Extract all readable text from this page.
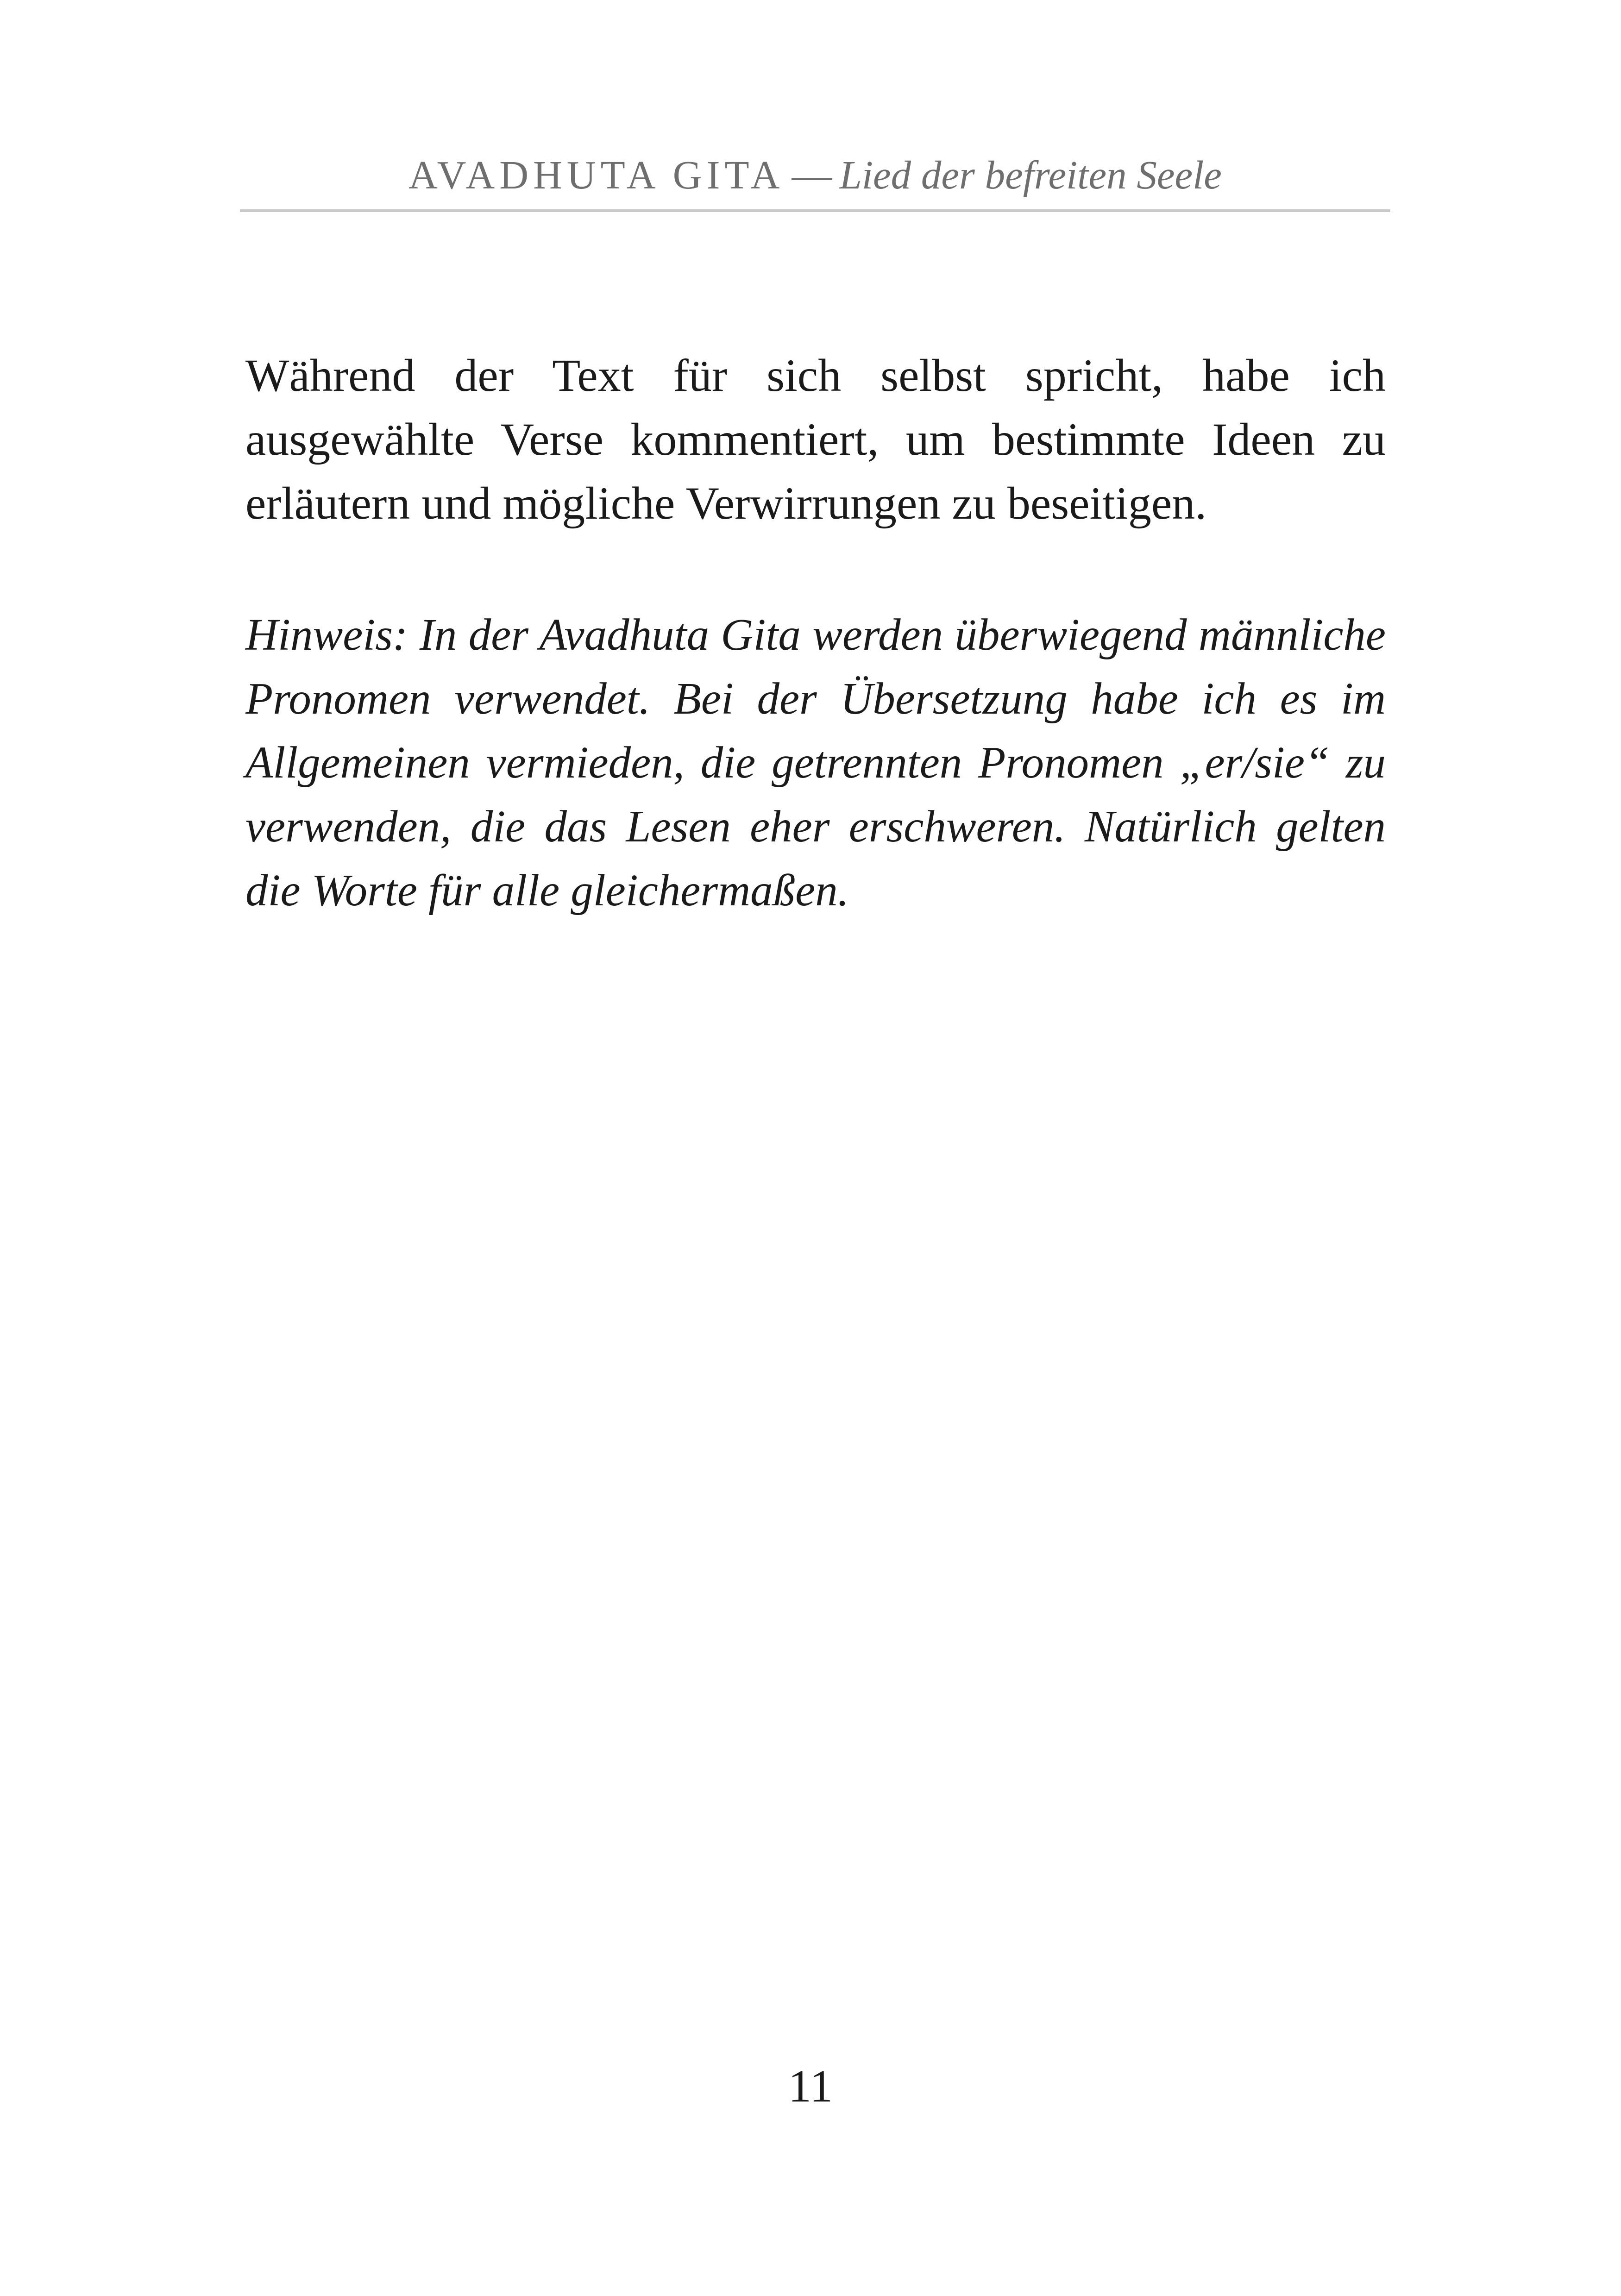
AVADHUTA GITA — Lied der befreiten Seele

Während der Text für sich selbst spricht, habe ich ausgewählte Verse kommentiert, um bestimmte Ideen zu erläutern und mögliche Verwirrungen zu beseitigen.

Hinweis: In der Avadhuta Gita werden überwiegend männliche Pronomen verwendet. Bei der Übersetzung habe ich es im Allgemeinen vermieden, die getrennten Pronomen „er/sie“ zu verwenden, die das Lesen eher erschweren. Natürlich gelten die Worte für alle gleichermaßen.

11
